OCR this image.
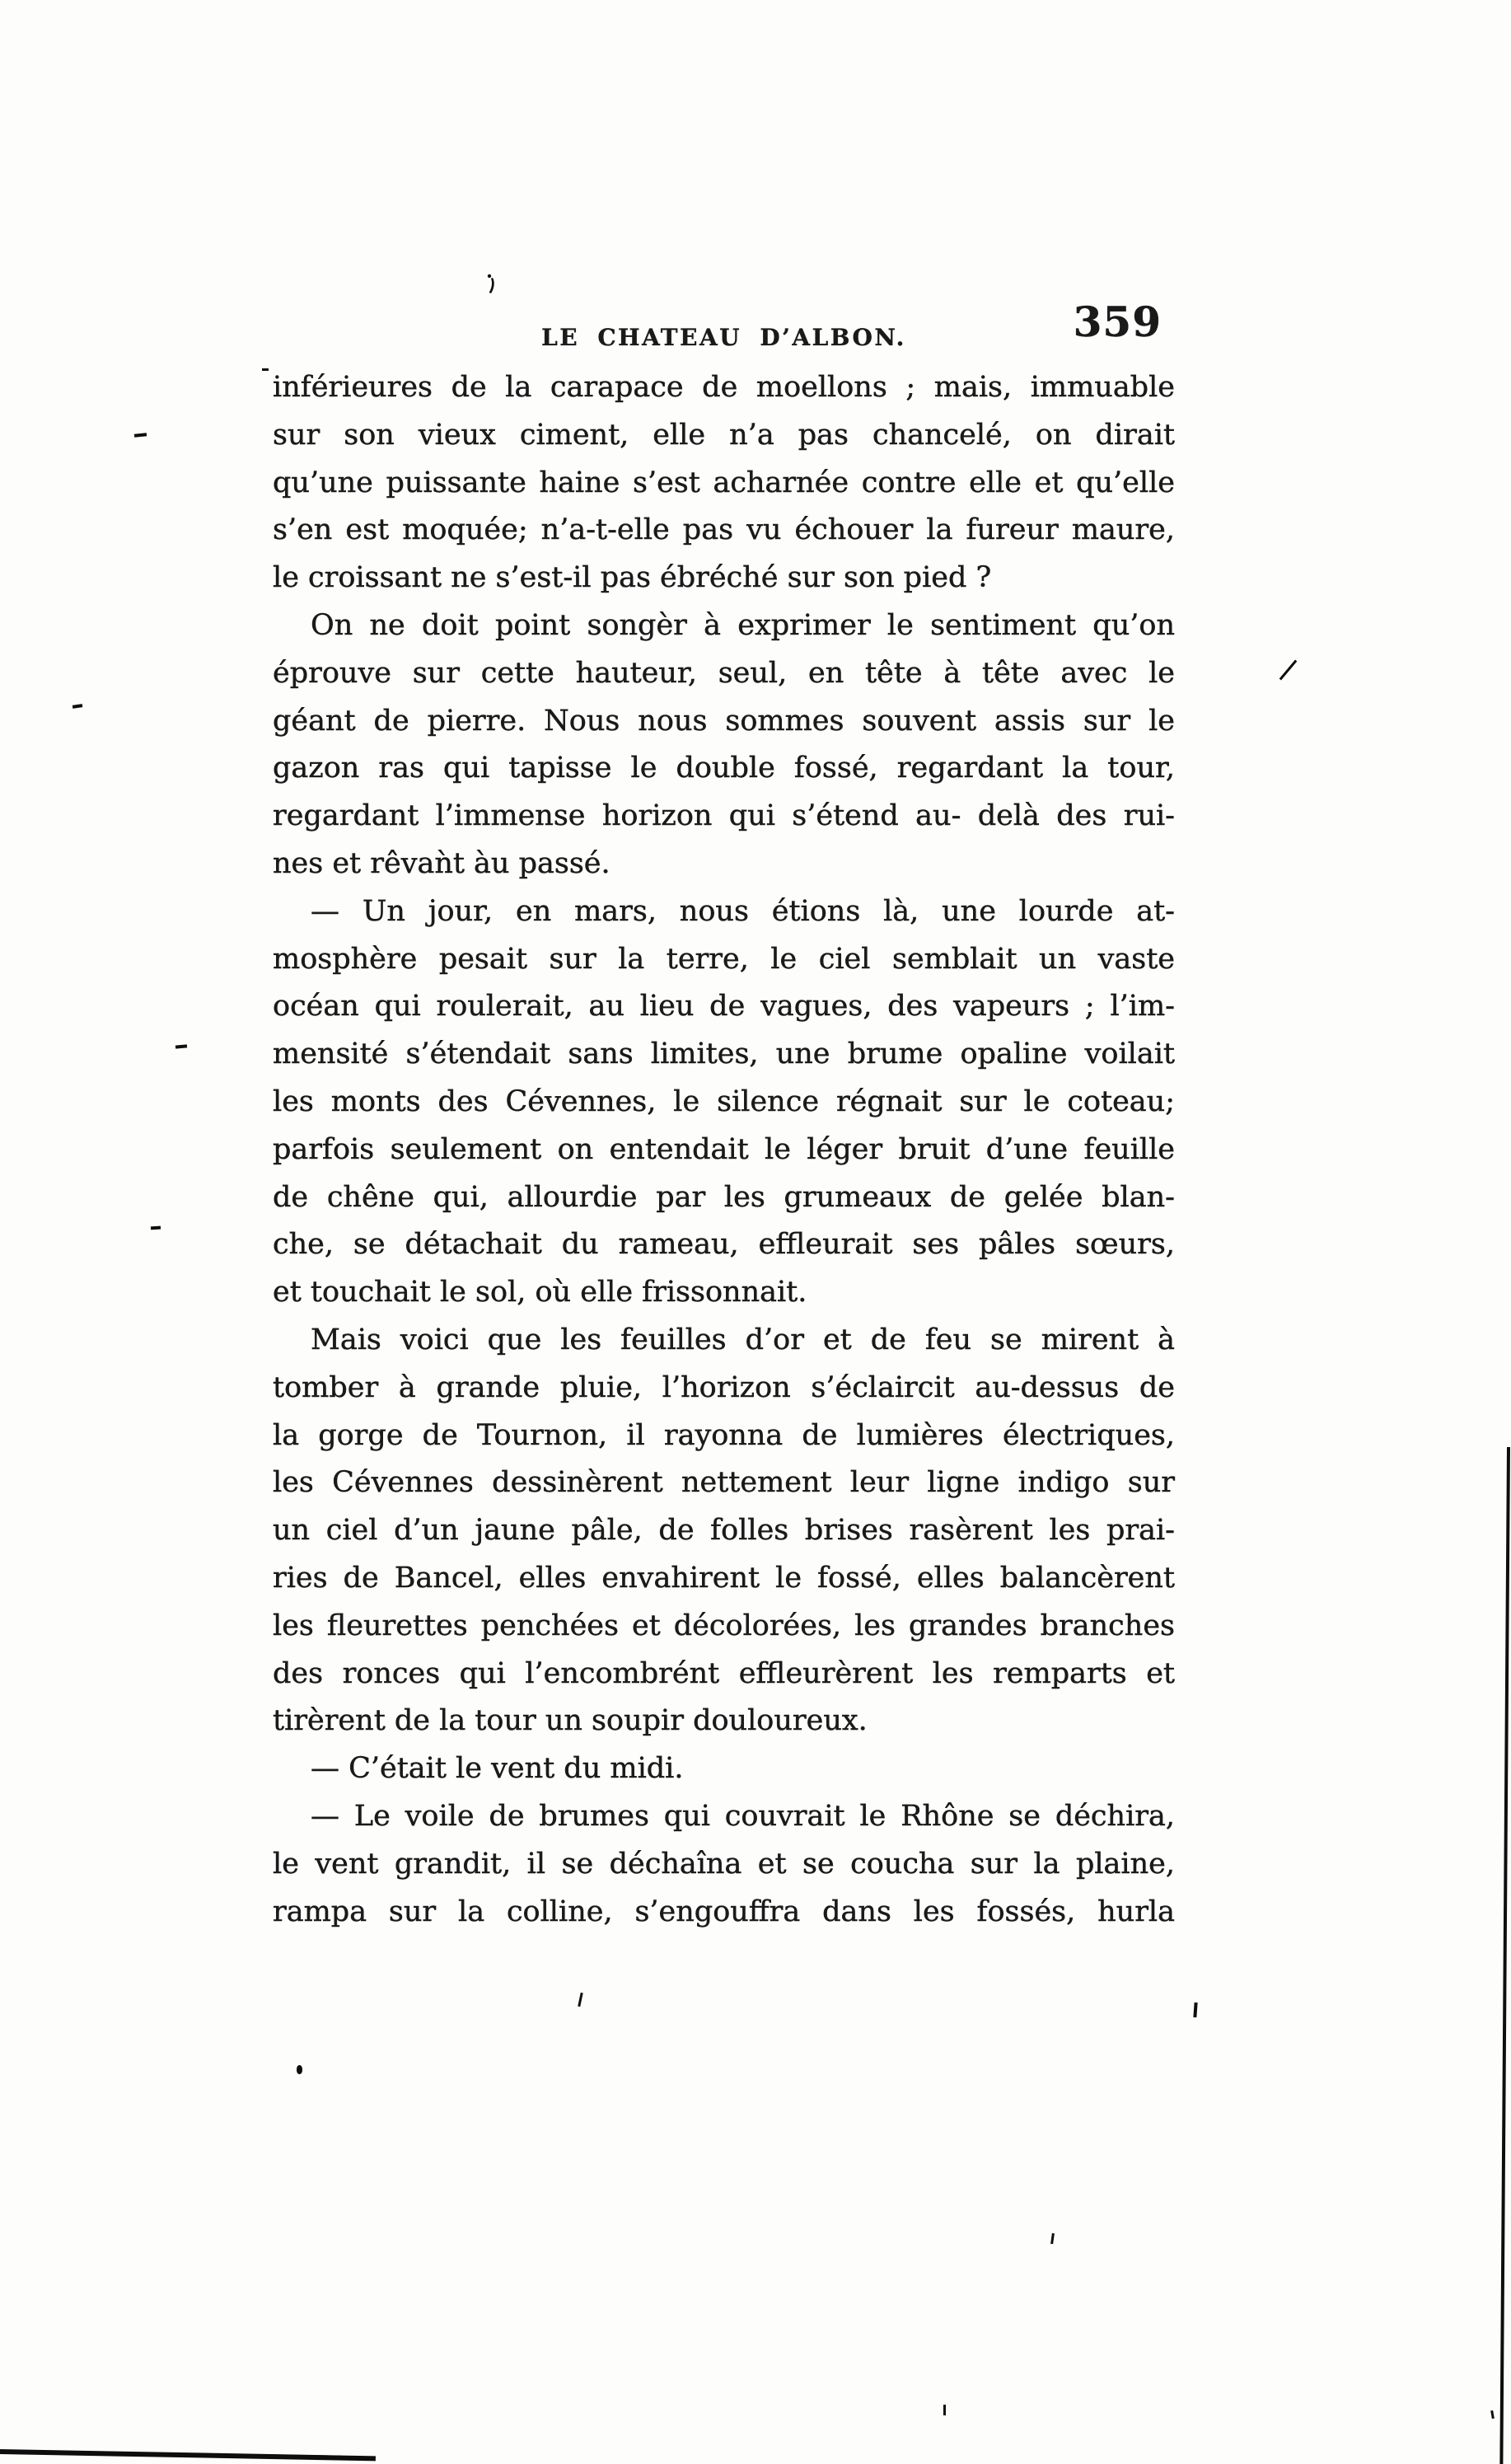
LE CHATEAU D’ALBON.	359
inférieures de la carapace de moellons ; mais, immuable
sur son vieux ciment, elle n’a pas chancelé, on dirait
qu’une puissante haine s’est acharnée contre elle et qu’elle
s’en est moquée; n’a-t-elle pas vu échouer la fureur maure,
le croissant ne s’est-il pas ébréché sur son pied ?
On ne doit point songèr à exprimer le sentiment qu’on
éprouve sur cette hauteur, seul, en tête à tête avec le
géant de pierre. Nous nous sommes souvent assis sur le
gazon ras qui tapisse le double fossé, regardant la tour,
regardant l’immense horizon qui s’étend au- delà des rui-
nes et rêvaǹt àu passé.
— Un jour, en mars, nous étions là, une lourde at-
mosphère pesait sur la terre, le ciel semblait un vaste
océan qui roulerait, au lieu de vagues, des vapeurs ; l’im-
mensité s’étendait sans limites, une brume opaline voilait
les monts des Cévennes, le silence régnait sur le coteau;
parfois seulement on entendait le léger bruit d’une feuille
de chêne qui, allourdie par les grumeaux de gelée blan-
che, se détachait du rameau, effleurait ses pâles sœurs,
et touchait le sol, où elle frissonnait.
Mais voici que les feuilles d’or et de feu se mirent à
tomber à grande pluie, l’horizon s’éclaircit au-dessus de
la gorge de Tournon, il rayonna de lumières électriques,
les Cévennes dessinèrent nettement leur ligne indigo sur
un ciel d’un jaune pâle, de folles brises rasèrent les prai-
ries de Bancel, elles envahirent le fossé, elles balancèrent
les fleurettes penchées et décolorées, les grandes branches
des ronces qui l’encombrént effleurèrent les remparts et
tirèrent de la tour un soupir douloureux.
— C’était le vent du midi.
— Le voile de brumes qui couvrait le Rhône se déchira,
le vent grandit, il se déchaîna et se coucha sur la plaine,
rampa sur la colline, s’engouffra dans les fossés, hurla
